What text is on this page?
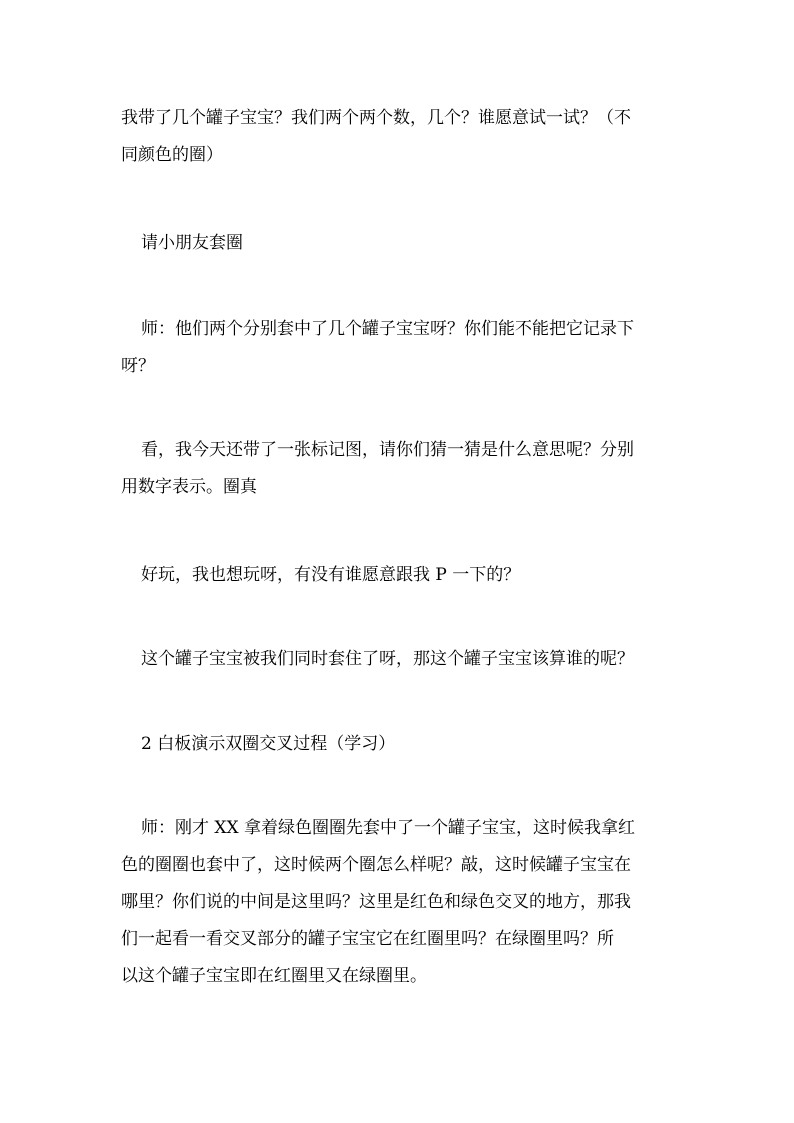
我带了几个罐子宝宝？我们两个两个数，几个？谁愿意试一试？（不
同颜色的圈）

请小朋友套圈

师：他们两个分别套中了几个罐子宝宝呀？你们能不能把它记录下
呀？

看，我今天还带了一张标记图，请你们猜一猜是什么意思呢？分别
用数字表示。圈真

好玩，我也想玩呀，有没有谁愿意跟我 P 一下的？

这个罐子宝宝被我们同时套住了呀，那这个罐子宝宝该算谁的呢？

2 白板演示双圈交叉过程（学习）

师：刚才 XX 拿着绿色圈圈先套中了一个罐子宝宝，这时候我拿红
色的圈圈也套中了，这时候两个圈怎么样呢？敲，这时候罐子宝宝在
哪里？你们说的中间是这里吗？这里是红色和绿色交叉的地方，那我
们一起看一看交叉部分的罐子宝宝它在红圈里吗？在绿圈里吗？所
以这个罐子宝宝即在红圈里又在绿圈里。
